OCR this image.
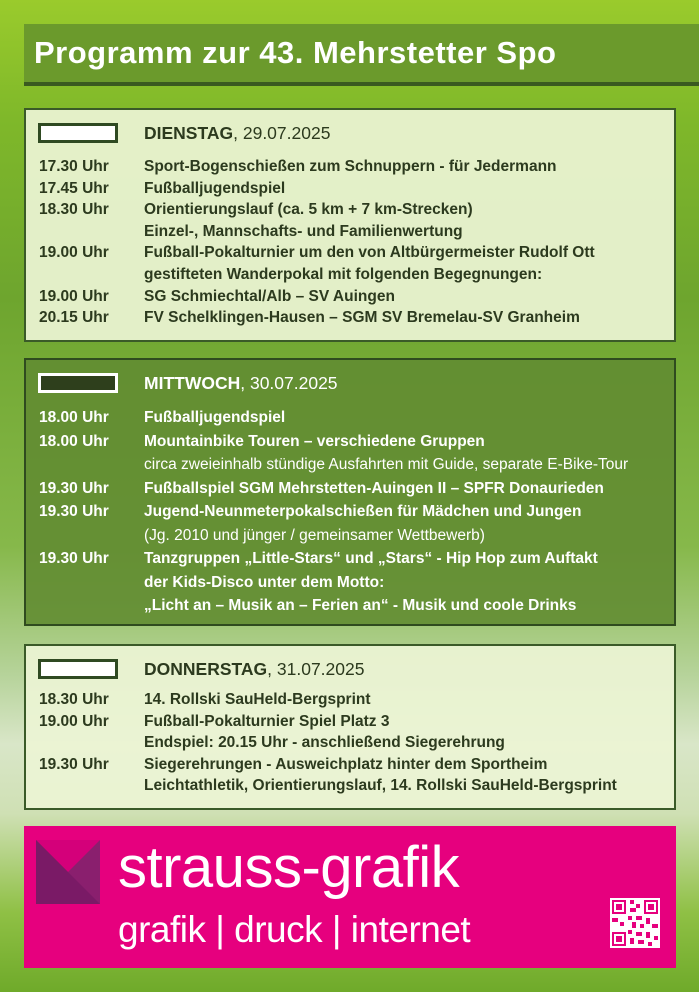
Programm zur 43. Mehrstetter Spo
DIENSTAG, 29.07.2025
17.30 Uhr	Sport-Bogenschießen zum Schnuppern - für Jedermann
17.45 Uhr	Fußballjugendspiel
18.30 Uhr	Orientierungslauf (ca. 5 km + 7 km-Strecken)
Einzel-, Mannschafts- und Familienwertung
19.00 Uhr	Fußball-Pokalturnier um den von Altbürgermeister Rudolf Ott
gestifteten Wanderpokal mit folgenden Begegnungen:
19.00 Uhr	SG Schmiechtal/Alb – SV Auingen
20.15 Uhr	FV Schelklingen-Hausen – SGM SV Bremelau-SV Granheim
MITTWOCH, 30.07.2025
18.00 Uhr	Fußballjugendspiel
18.00 Uhr	Mountainbike Touren – verschiedene Gruppen
circa zweieinhalb stündige Ausfahrten mit Guide, separate E-Bike-Tour
19.30 Uhr	Fußballspiel SGM Mehrstetten-Auingen II – SPFR Donaurieden
19.30 Uhr	Jugend-Neunmeterpokalschießen für Mädchen und Jungen
(Jg. 2010 und jünger / gemeinsamer Wettbewerb)
19.30 Uhr	Tanzgruppen „Little-Stars“ und „Stars“ - Hip Hop zum Auftakt
der Kids-Disco unter dem Motto:
„Licht an – Musik an – Ferien an“ - Musik und coole Drinks
DONNERSTAG, 31.07.2025
18.30 Uhr	14. Rollski SauHeld-Bergsprint
19.00 Uhr	Fußball-Pokalturnier Spiel Platz 3
Endspiel: 20.15 Uhr - anschließend Siegerehrung
19.30 Uhr	Siegerehrungen - Ausweichplatz hinter dem Sportheim
Leichtathletik, Orientierungslauf, 14. Rollski SauHeld-Bergsprint
strauss-grafik
grafik | druck | internet
